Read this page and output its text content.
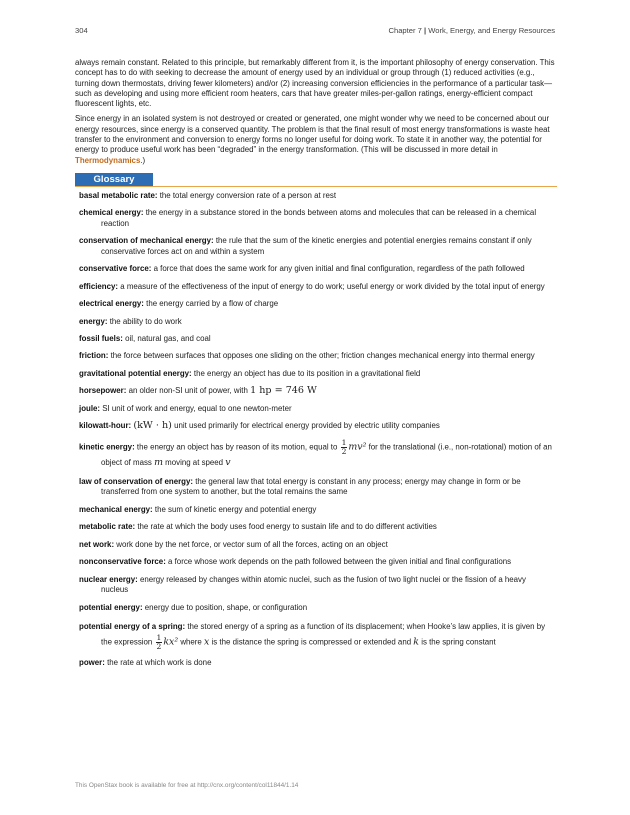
304	Chapter 7 | Work, Energy, and Energy Resources

always remain constant. Related to this principle, but remarkably different from it, is the important philosophy of energy conservation. This concept has to do with seeking to decrease the amount of energy used by an individual or group through (1) reduced activities (e.g., turning down thermostats, driving fewer kilometers) and/or (2) increasing conversion efficiencies in the performance of a particular task—such as developing and using more efficient room heaters, cars that have greater miles-per-gallon ratings, energy-efficient compact fluorescent lights, etc.

Since energy in an isolated system is not destroyed or created or generated, one might wonder why we need to be concerned about our energy resources, since energy is a conserved quantity. The problem is that the final result of most energy transformations is waste heat transfer to the environment and conversion to energy forms no longer useful for doing work. To state it in another way, the potential for energy to produce useful work has been “degraded” in the energy transformation. (This will be discussed in more detail in Thermodynamics.)

Glossary
basal metabolic rate: the total energy conversion rate of a person at rest
chemical energy: the energy in a substance stored in the bonds between atoms and molecules that can be released in a chemical reaction
conservation of mechanical energy: the rule that the sum of the kinetic energies and potential energies remains constant if only conservative forces act on and within a system
conservative force: a force that does the same work for any given initial and final configuration, regardless of the path followed
efficiency: a measure of the effectiveness of the input of energy to do work; useful energy or work divided by the total input of energy
electrical energy: the energy carried by a flow of charge
energy: the ability to do work
fossil fuels: oil, natural gas, and coal
friction: the force between surfaces that opposes one sliding on the other; friction changes mechanical energy into thermal energy
gravitational potential energy: the energy an object has due to its position in a gravitational field
horsepower: an older non-SI unit of power, with 1 hp = 746 W
joule: SI unit of work and energy, equal to one newton-meter
kilowatt-hour: (kW · h) unit used primarily for electrical energy provided by electric utility companies
kinetic energy: the energy an object has by reason of its motion, equal to $\frac{1}{2} mv^2$ for the translational (i.e., non-rotational) motion of an object of mass m moving at speed v
law of conservation of energy: the general law that total energy is constant in any process; energy may change in form or be transferred from one system to another, but the total remains the same
mechanical energy: the sum of kinetic energy and potential energy
metabolic rate: the rate at which the body uses food energy to sustain life and to do different activities
net work: work done by the net force, or vector sum of all the forces, acting on an object
nonconservative force: a force whose work depends on the path followed between the given initial and final configurations
nuclear energy: energy released by changes within atomic nuclei, such as the fusion of two light nuclei or the fission of a heavy nucleus
potential energy: energy due to position, shape, or configuration
potential energy of a spring: the stored energy of a spring as a function of its displacement; when Hooke’s law applies, it is given by the expression $\frac{1}{2} kx^2$ where x is the distance the spring is compressed or extended and k is the spring constant
power: the rate at which work is done
This OpenStax book is available for free at http://cnx.org/content/col11844/1.14
